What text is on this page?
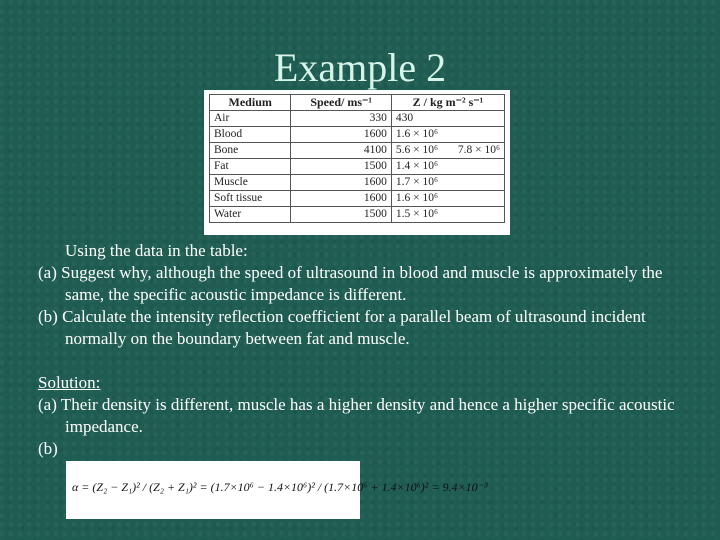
Example 2
Medium	Speed/ ms⁻¹	Z / kg m⁻² s⁻¹
Air	330	430
Blood	1600	1.6 × 10⁶
Bone	4100	5.6 × 10⁶ 7.8 × 10⁶

Fat	1500	1.4 × 10⁶
Muscle	1600	1.7 × 10⁶
Soft tissue	1600	1.6 × 10⁶
Water	1500	1.5 × 10⁶

Using the data in the table:

(a) Suggest why, although the speed of ultrasound in blood and muscle is approximately the same, the specific acoustic impedance is different.

(b) Calculate the intensity reflection coefficient for a parallel beam of ultrasound incident normally on the boundary between fat and muscle.

Solution:

(a) Their density is different, muscle has a higher density and hence a higher specific acoustic impedance.

(b)

α = (Z₂ − Z₁)² / (Z₂ + Z₁)² = (1.7×10⁶ − 1.4×10⁶)² / (1.7×10⁶ + 1.4×10⁶)² = 9.4×10⁻³
